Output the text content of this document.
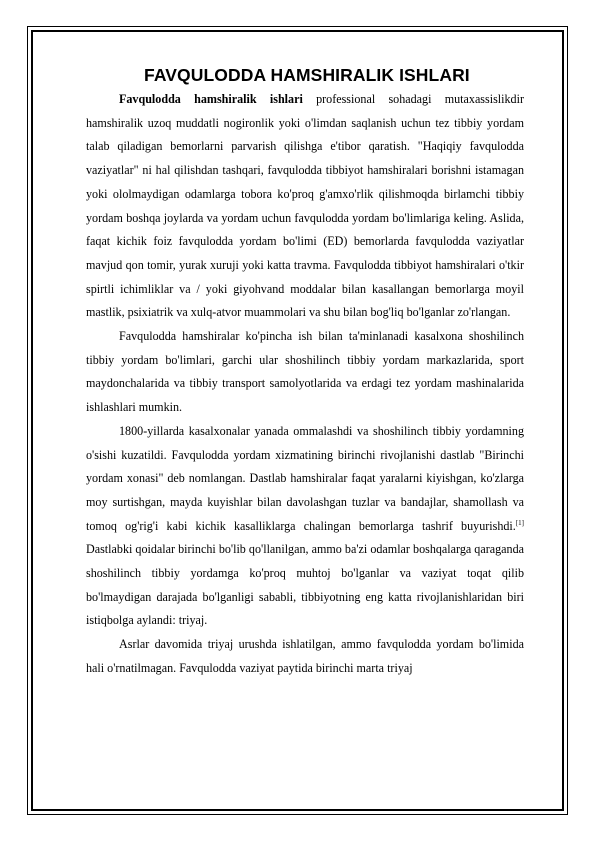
FAVQULODDA HAMSHIRALIK ISHLARI

Favqulodda hamshiralik ishlari professional sohadagi mutaxassislikdir hamshiralik uzoq muddatli nogironlik yoki o'limdan saqlanish uchun tez tibbiy yordam talab qiladigan bemorlarni parvarish qilishga e'tibor qaratish. "Haqiqiy favqulodda vaziyatlar" ni hal qilishdan tashqari, favqulodda tibbiyot hamshiralari borishni istamagan yoki ololmaydigan odamlarga tobora ko'proq g'amxo'rlik qilishmoqda birlamchi tibbiy yordam boshqa joylarda va yordam uchun favqulodda yordam bo'limlariga keling. Aslida, faqat kichik foiz favqulodda yordam bo'limi (ED) bemorlarda favqulodda vaziyatlar mavjud qon tomir, yurak xuruji yoki katta travma. Favqulodda tibbiyot hamshiralari o'tkir spirtli ichimliklar va / yoki giyohvand moddalar bilan kasallangan bemorlarga moyil mastlik, psixiatrik va xulq-atvor muammolari va shu bilan bog'liq bo'lganlar zo'rlangan.

Favqulodda hamshiralar ko'pincha ish bilan ta'minlanadi kasalxona shoshilinch tibbiy yordam bo'limlari, garchi ular shoshilinch tibbiy yordam markazlarida, sport maydonchalarida va tibbiy transport samolyotlarida va erdagi tez yordam mashinalarida ishlashlari mumkin.

1800-yillarda kasalxonalar yanada ommalashdi va shoshilinch tibbiy yordamning o'sishi kuzatildi. Favqulodda yordam xizmatining birinchi rivojlanishi dastlab "Birinchi yordam xonasi" deb nomlangan. Dastlab hamshiralar faqat yaralarni kiyishgan, ko'zlarga moy surtishgan, mayda kuyishlar bilan davolashgan tuzlar va bandajlar, shamollash va tomoq og'rig'i kabi kichik kasalliklarga chalingan bemorlarga tashrif buyurishdi.[1] Dastlabki qoidalar birinchi bo'lib qo'llanilgan, ammo ba'zi odamlar boshqalarga qaraganda shoshilinch tibbiy yordamga ko'proq muhtoj bo'lganlar va vaziyat toqat qilib bo'lmaydigan darajada bo'lganligi sababli, tibbiyotning eng katta rivojlanishlaridan biri istiqbolga aylandi: triyaj.

Asrlar davomida triyaj urushda ishlatilgan, ammo favqulodda yordam bo'limida hali o'rnatilmagan. Favqulodda vaziyat paytida birinchi marta triyaj
